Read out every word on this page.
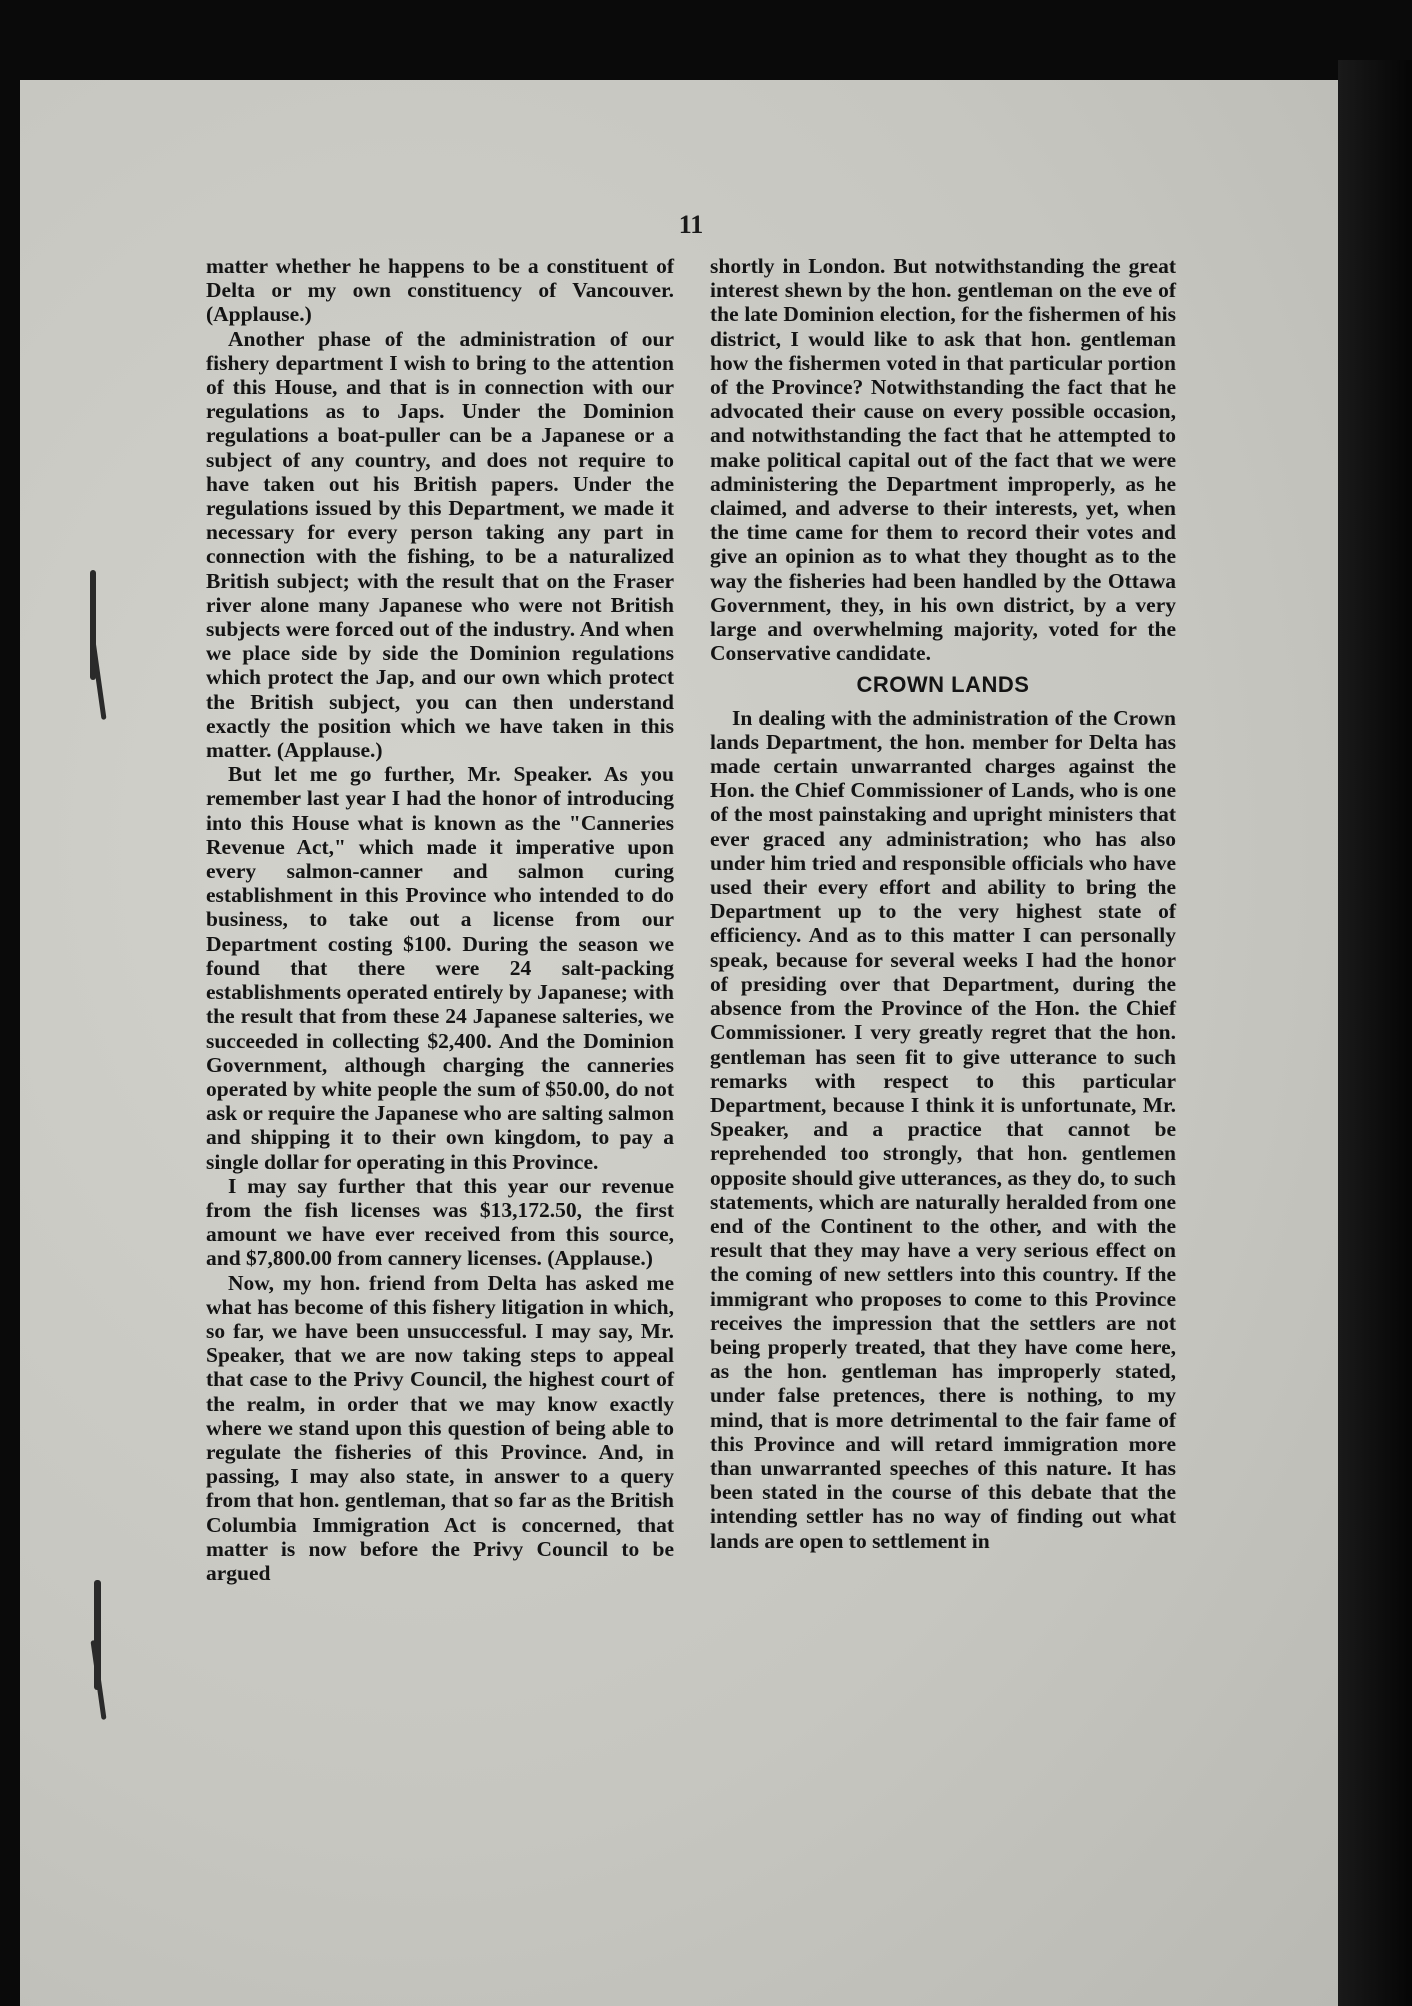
11

matter whether he happens to be a constituent of Delta or my own constituency of Vancouver. (Applause.)

Another phase of the administration of our fishery department I wish to bring to the attention of this House, and that is in connection with our regulations as to Japs. Under the Dominion regulations a boat-puller can be a Japanese or a subject of any country, and does not require to have taken out his British papers. Under the regulations issued by this Department, we made it necessary for every person taking any part in connection with the fishing, to be a naturalized British subject; with the result that on the Fraser river alone many Japanese who were not British subjects were forced out of the industry. And when we place side by side the Dominion regulations which protect the Jap, and our own which protect the British subject, you can then understand exactly the position which we have taken in this matter. (Applause.)

But let me go further, Mr. Speaker. As you remember last year I had the honor of introducing into this House what is known as the "Canneries Revenue Act," which made it imperative upon every salmon-canner and salmon curing establishment in this Province who intended to do business, to take out a license from our Department costing $100. During the season we found that there were 24 salt-packing establishments operated entirely by Japanese; with the result that from these 24 Japanese salteries, we succeeded in collecting $2,400. And the Dominion Government, although charging the canneries operated by white people the sum of $50.00, do not ask or require the Japanese who are salting salmon and shipping it to their own kingdom, to pay a single dollar for operating in this Province.

I may say further that this year our revenue from the fish licenses was $13,172.50, the first amount we have ever received from this source, and $7,800.00 from cannery licenses. (Applause.)

Now, my hon. friend from Delta has asked me what has become of this fishery litigation in which, so far, we have been unsuccessful. I may say, Mr. Speaker, that we are now taking steps to appeal that case to the Privy Council, the highest court of the realm, in order that we may know exactly where we stand upon this question of being able to regulate the fisheries of this Province. And, in passing, I may also state, in answer to a query from that hon. gentleman, that so far as the British Columbia Immigration Act is concerned, that matter is now before the Privy Council to be argued

shortly in London. But notwithstanding the great interest shewn by the hon. gentleman on the eve of the late Dominion election, for the fishermen of his district, I would like to ask that hon. gentleman how the fishermen voted in that particular portion of the Province? Notwithstanding the fact that he advocated their cause on every possible occasion, and notwithstanding the fact that he attempted to make political capital out of the fact that we were administering the Department improperly, as he claimed, and adverse to their interests, yet, when the time came for them to record their votes and give an opinion as to what they thought as to the way the fisheries had been handled by the Ottawa Government, they, in his own district, by a very large and overwhelming majority, voted for the Conservative candidate.

CROWN LANDS

In dealing with the administration of the Crown lands Department, the hon. member for Delta has made certain unwarranted charges against the Hon. the Chief Commissioner of Lands, who is one of the most painstaking and upright ministers that ever graced any administration; who has also under him tried and responsible officials who have used their every effort and ability to bring the Department up to the very highest state of efficiency. And as to this matter I can personally speak, because for several weeks I had the honor of presiding over that Department, during the absence from the Province of the Hon. the Chief Commissioner. I very greatly regret that the hon. gentleman has seen fit to give utterance to such remarks with respect to this particular Department, because I think it is unfortunate, Mr. Speaker, and a practice that cannot be reprehended too strongly, that hon. gentlemen opposite should give utterances, as they do, to such statements, which are naturally heralded from one end of the Continent to the other, and with the result that they may have a very serious effect on the coming of new settlers into this country. If the immigrant who proposes to come to this Province receives the impression that the settlers are not being properly treated, that they have come here, as the hon. gentleman has improperly stated, under false pretences, there is nothing, to my mind, that is more detrimental to the fair fame of this Province and will retard immigration more than unwarranted speeches of this nature. It has been stated in the course of this debate that the intending settler has no way of finding out what lands are open to settlement in
